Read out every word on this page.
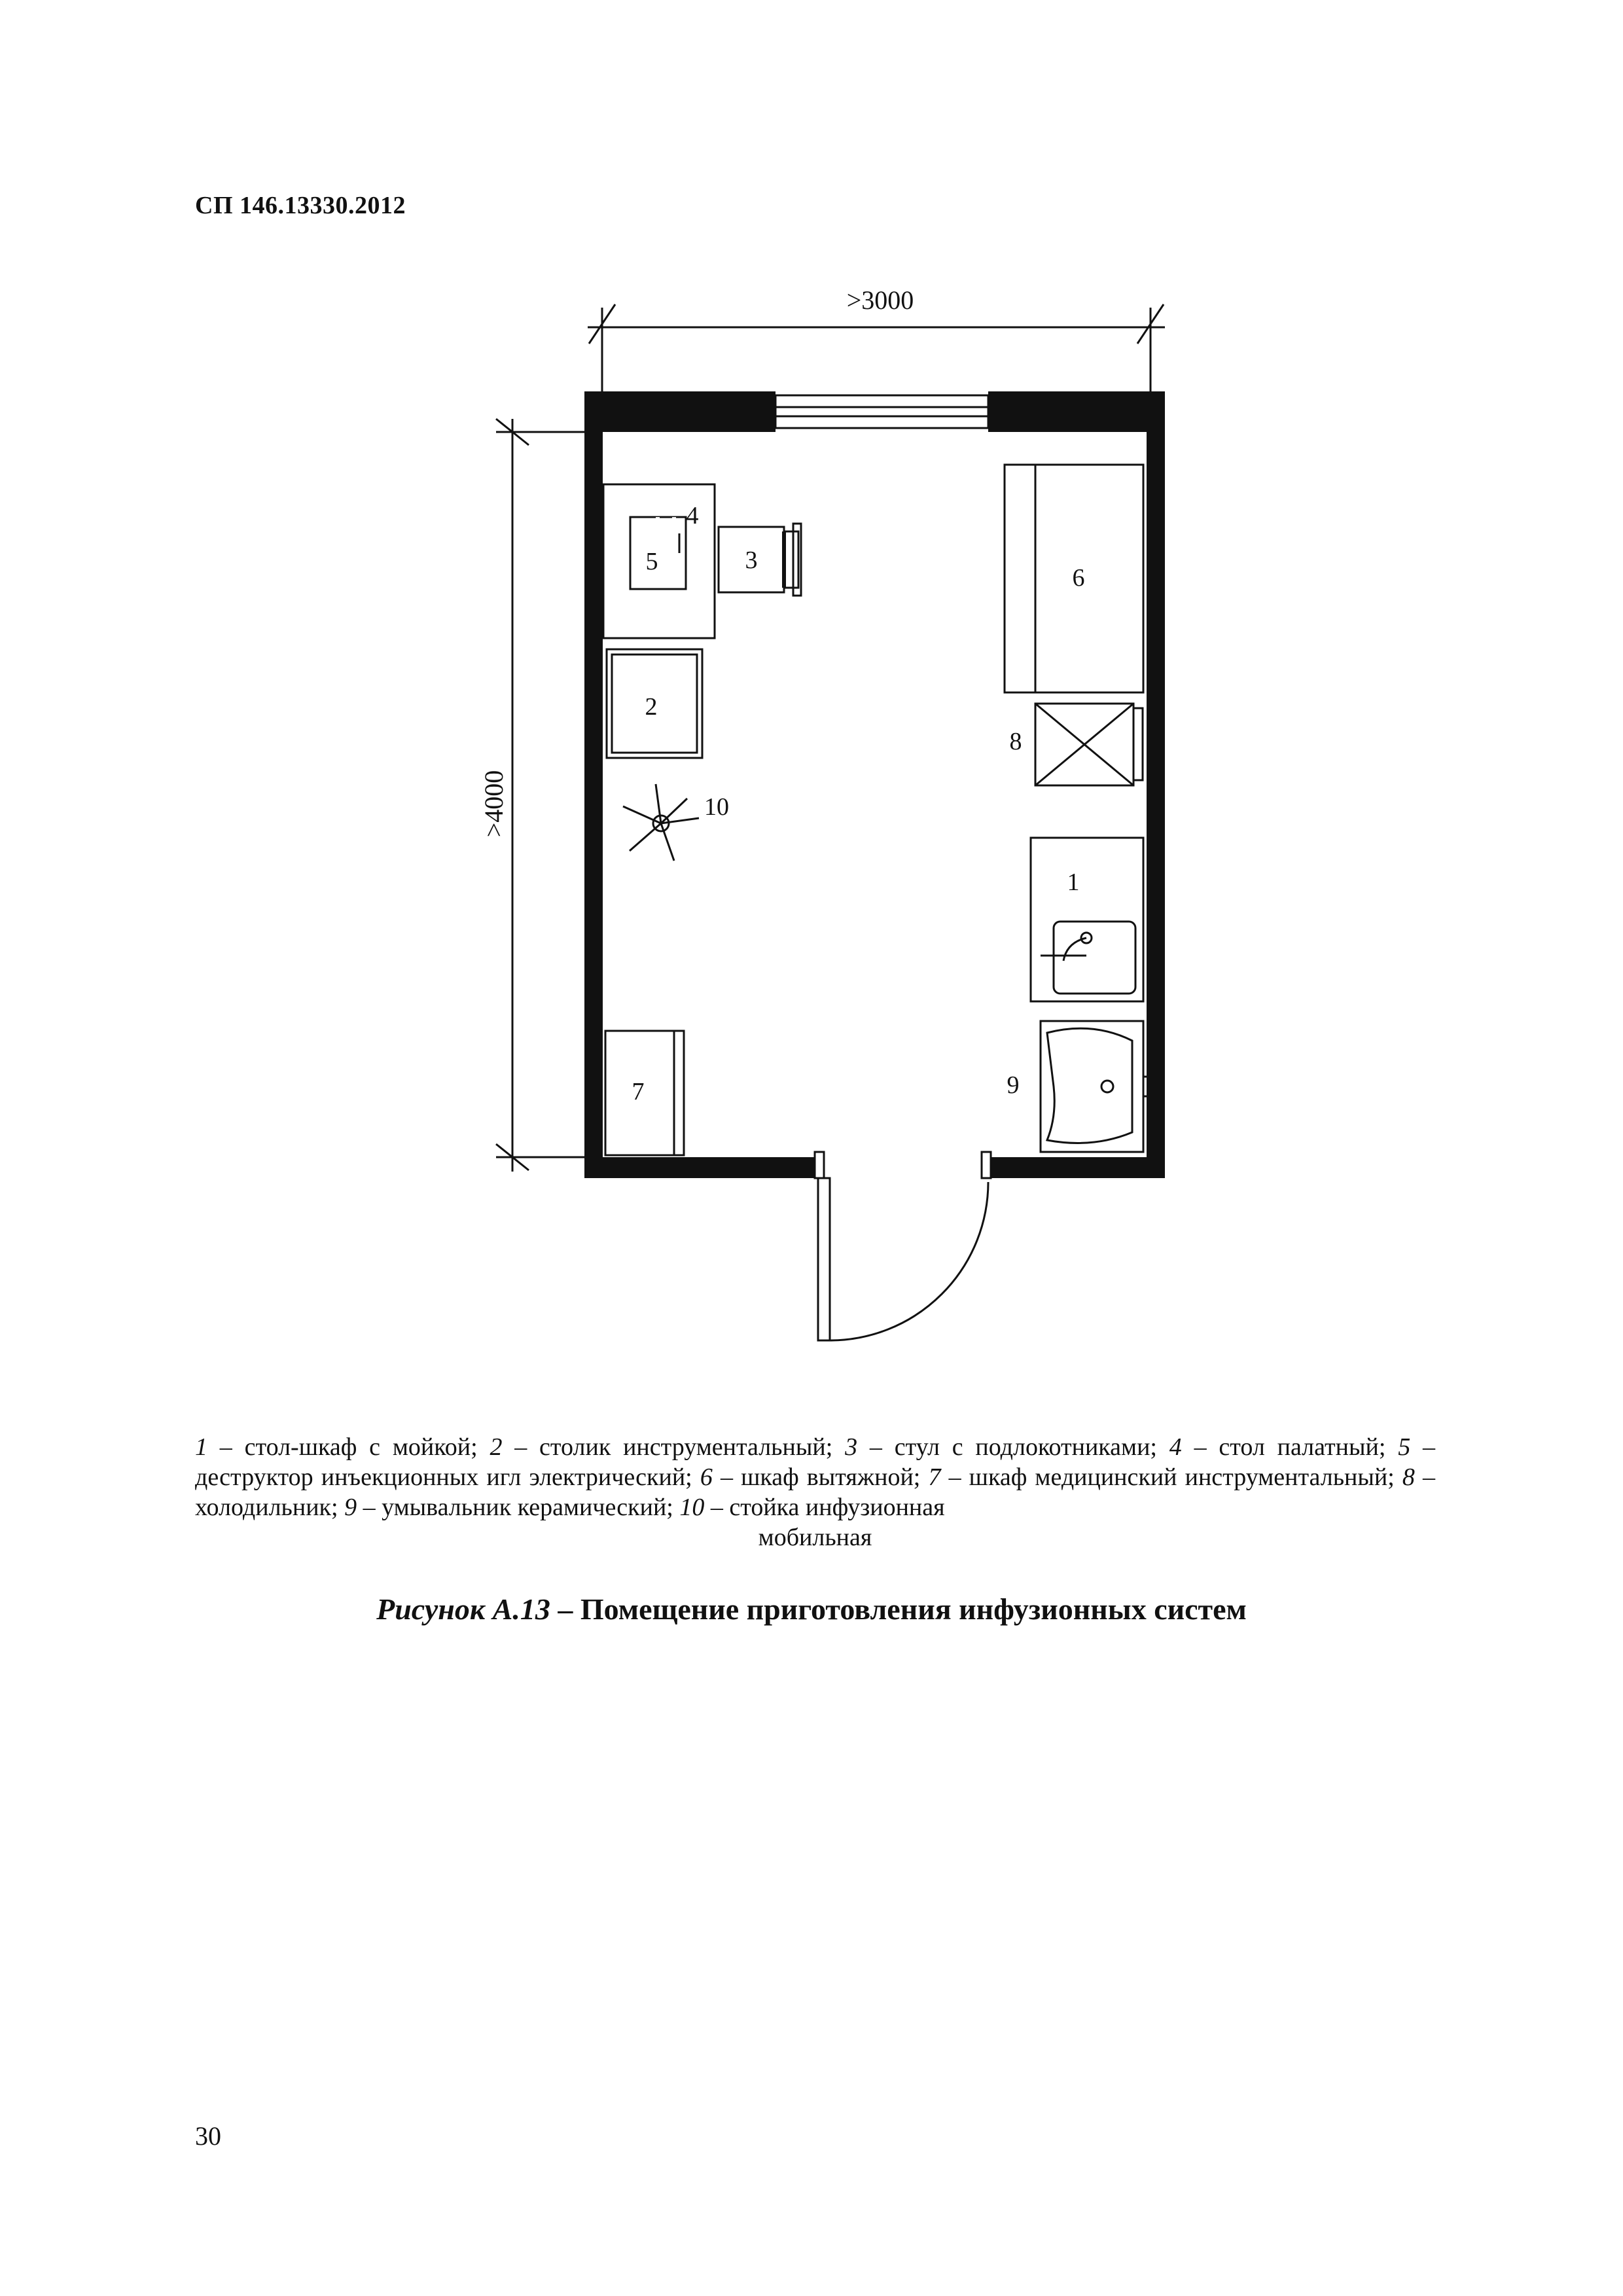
СП 146.13330.2012
>3000
>4000
4
5	3
2
10
6
8
1
9
7
1 – стол-шкаф с мойкой; 2 – столик инструментальный; 3 – стул с подлокотниками; 4 – стол палатный; 5 – деструктор инъекционных игл электрический; 6 – шкаф вытяжной; 7 – шкаф медицинский инструментальный; 8 – холодильник; 9 – умывальник керамический; 10 – стойка инфузионная
мобильная
Рисунок А.13 – Помещение приготовления инфузионных систем
30
